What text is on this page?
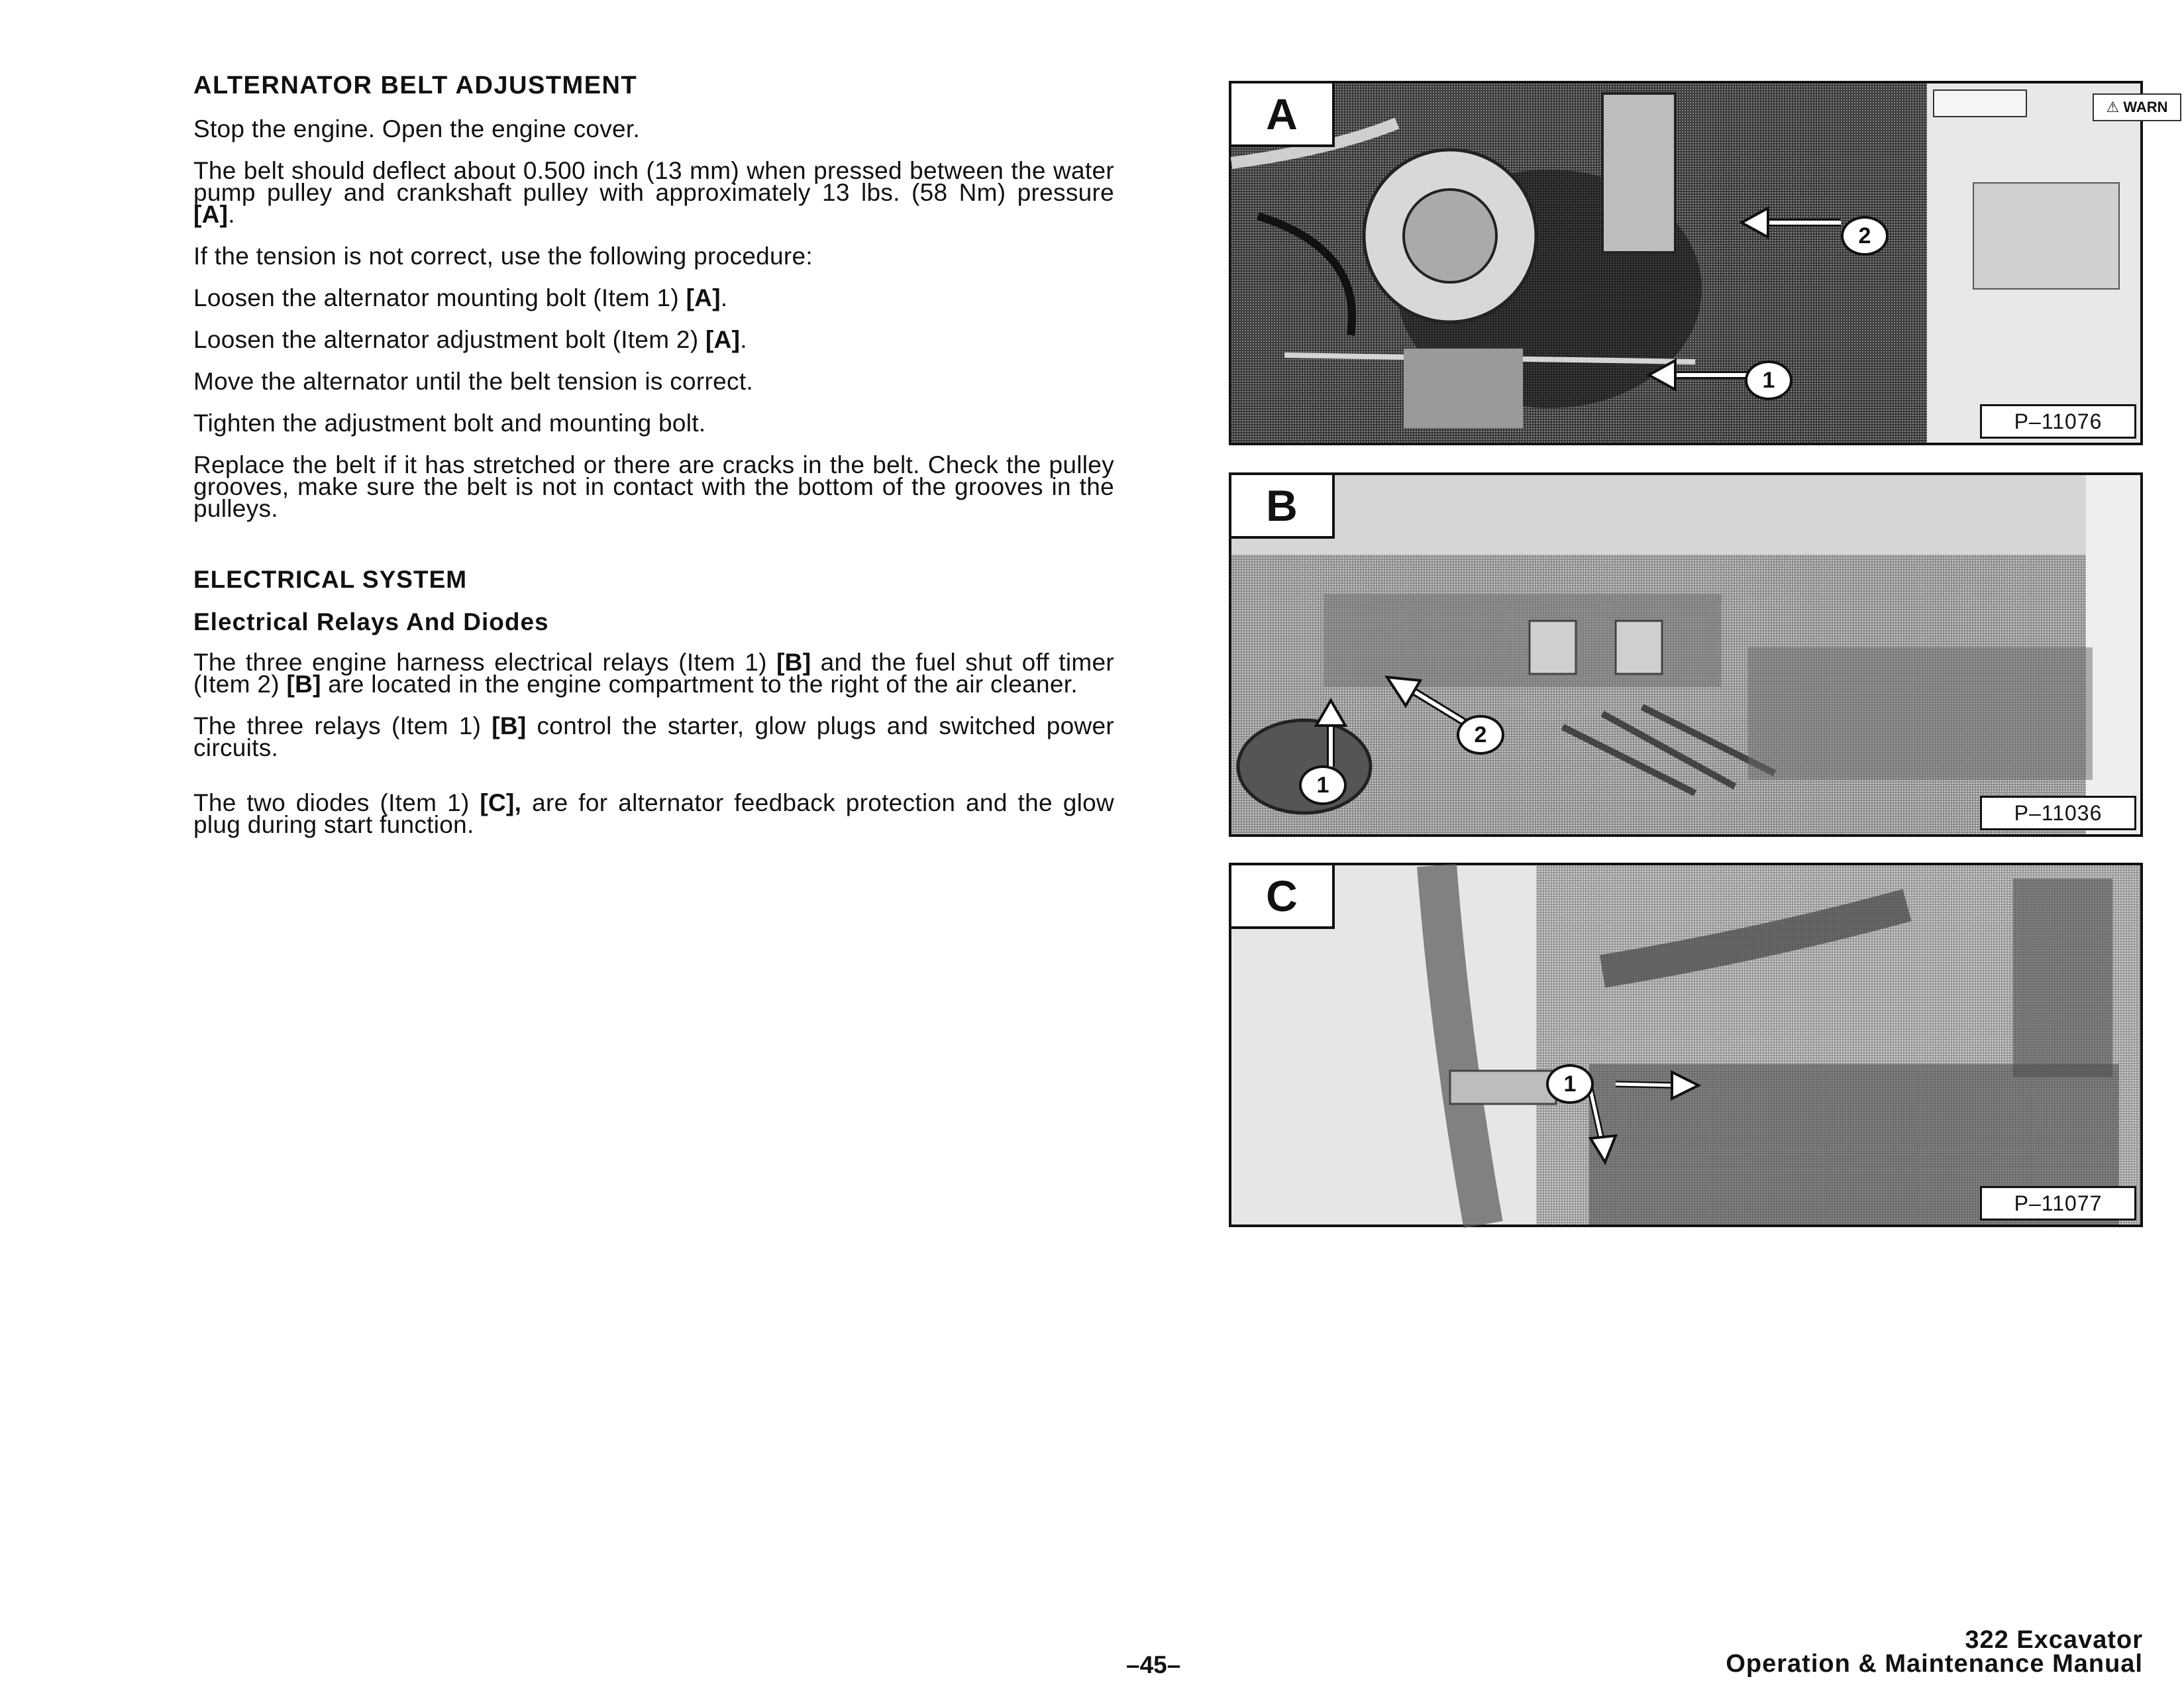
ALTERNATOR BELT ADJUSTMENT
Stop the engine. Open the engine cover.
The belt should deflect about 0.500 inch (13 mm) when pressed between the water pump pulley and crankshaft pulley with approximately 13 lbs. (58 Nm) pressure [A].
If the tension is not correct, use the following procedure:
Loosen the alternator mounting bolt (Item 1) [A].
Loosen the alternator adjustment bolt (Item 2) [A].
Move the alternator until the belt tension is correct.
Tighten the adjustment bolt and mounting bolt.
Replace the belt if it has stretched or there are cracks in the belt. Check the pulley grooves, make sure the belt is not in contact with the bottom of the grooves in the pulleys.
ELECTRICAL SYSTEM
Electrical Relays And Diodes
The three engine harness electrical relays (Item 1) [B] and the fuel shut off timer (Item 2) [B] are located in the engine compartment to the right of the air cleaner.
The three relays (Item 1) [B] control the starter, glow plugs and switched power circuits.
The two diodes (Item 1) [C], are for alternator feedback protection and the glow plug during start function.
⚠ WARN
A
2
1
P–11076
B
2
1
P–11036
C
1
P–11077
–45–
322 Excavator
Operation & Maintenance Manual
